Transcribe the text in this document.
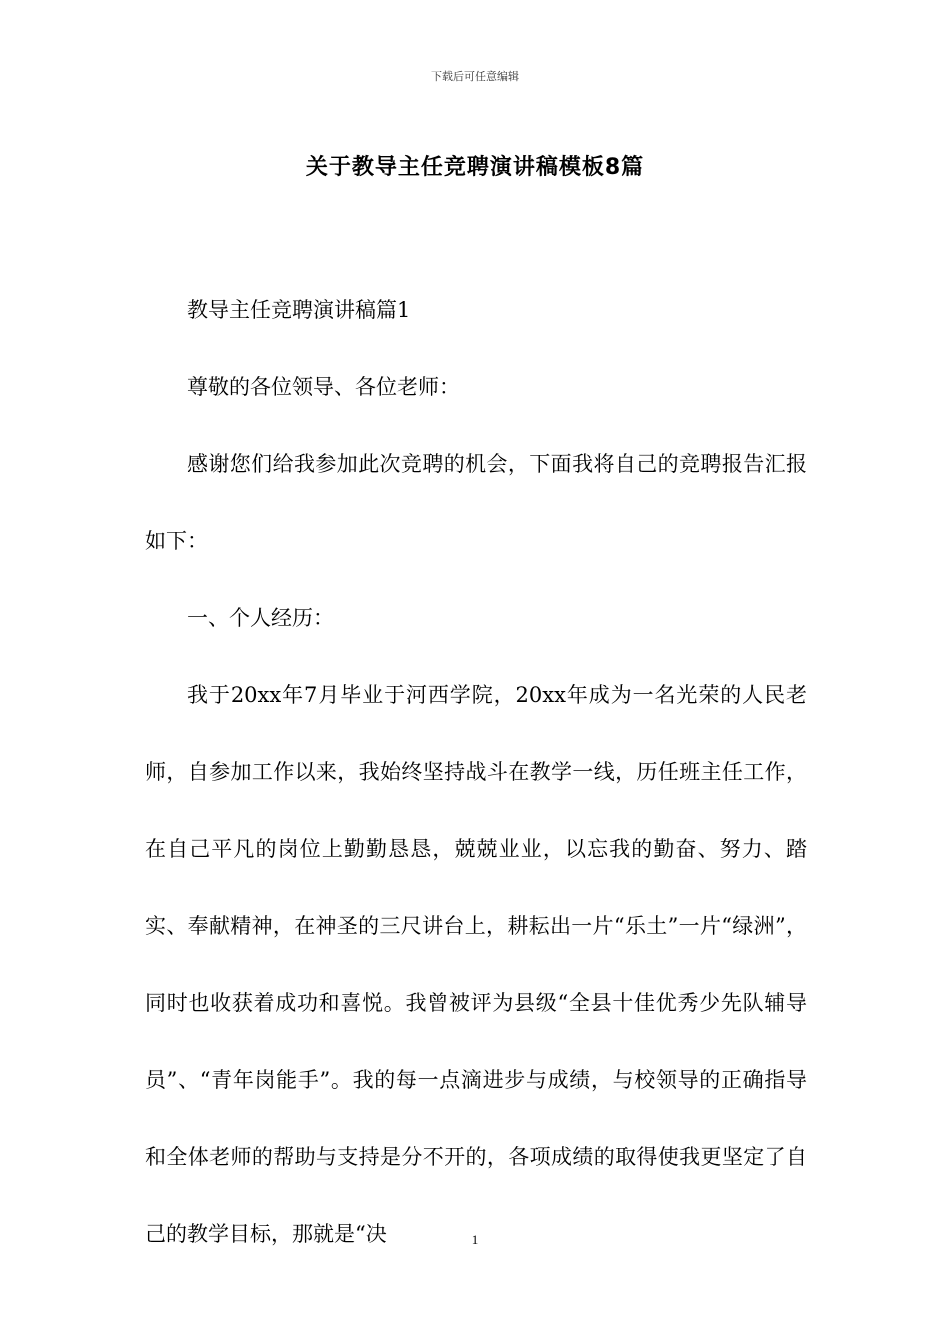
下载后可任意编辑
关于教导主任竞聘演讲稿模板8篇

教导主任竞聘演讲稿篇1

尊敬的各位领导、各位老师：

感谢您们给我参加此次竞聘的机会，下面我将自己的竞聘报告汇报如下：

一、个人经历：

我于20xx年7月毕业于河西学院，20xx年成为一名光荣的人民老师，自参加工作以来，我始终坚持战斗在教学一线，历任班主任工作，在自己平凡的岗位上勤勤恳恳，兢兢业业，以忘我的勤奋、努力、踏实、奉献精神，在神圣的三尺讲台上，耕耘出一片“乐土”一片“绿洲”，同时也收获着成功和喜悦。我曾被评为县级“全县十佳优秀少先队辅导员”、“青年岗能手”。我的每一点滴进步与成绩，与校领导的正确指导和全体老师的帮助与支持是分不开的，各项成绩的取得使我更坚定了自己的教学目标，那就是“决	1
